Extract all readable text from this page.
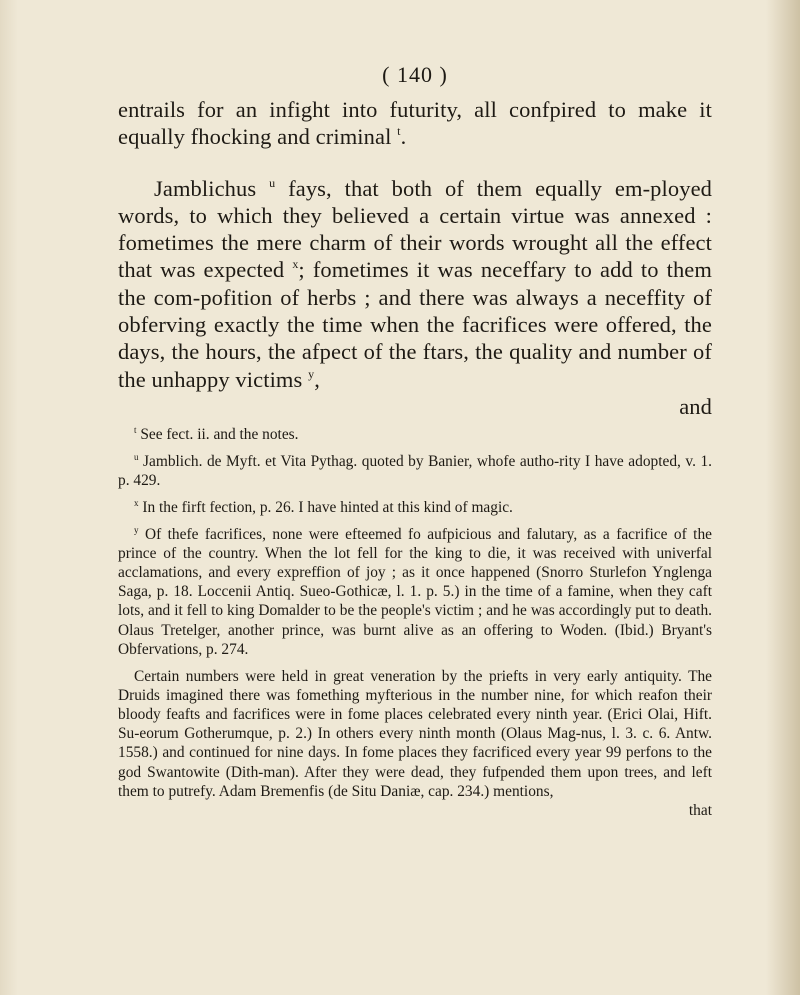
( 140 )

entrails for an infight into futurity, all confpired to make it equally fhocking and criminal $^t$.

Jamblichus $^u$ fays, that both of them equally em-ployed words, to which they believed a certain virtue was annexed : fometimes the mere charm of their words wrought all the effect that was expected $^x$; fometimes it was neceffary to add to them the com-pofition of herbs ; and there was always a neceffity of obferving exactly the time when the facrifices were offered, the days, the hours, the afpect of the ftars, the quality and number of the unhappy victims $^y$,

and

$^t$ See fect. ii. and the notes.

$^u$ Jamblich. de Myft. et Vita Pythag. quoted by Banier, whofe autho-rity I have adopted, v. 1. p. 429.

$^x$ In the firft fection, p. 26. I have hinted at this kind of magic.

$^y$ Of thefe facrifices, none were efteemed fo aufpicious and falutary, as a facrifice of the prince of the country. When the lot fell for the king to die, it was received with univerfal acclamations, and every expreffion of joy ; as it once happened (Snorro Sturlefon Ynglenga Saga, p. 18. Loccenii Antiq. Sueo-Gothicæ, l. 1. p. 5.) in the time of a famine, when they caft lots, and it fell to king Domalder to be the people's victim ; and he was accordingly put to death. Olaus Tretelger, another prince, was burnt alive as an offering to Woden. (Ibid.) Bryant's Obfervations, p. 274.

Certain numbers were held in great veneration by the priefts in very early antiquity. The Druids imagined there was fomething myfterious in the number nine, for which reafon their bloody feafts and facrifices were in fome places celebrated every ninth year. (Erici Olai, Hift. Su-eorum Gotherumque, p. 2.) In others every ninth month (Olaus Mag-nus, l. 3. c. 6. Antw. 1558.) and continued for nine days. In fome places they facrificed every year 99 perfons to the god Swantowite (Dith-man). After they were dead, they fufpended them upon trees, and left them to putrefy. Adam Bremenfis (de Situ Daniæ, cap. 234.) mentions,

that
